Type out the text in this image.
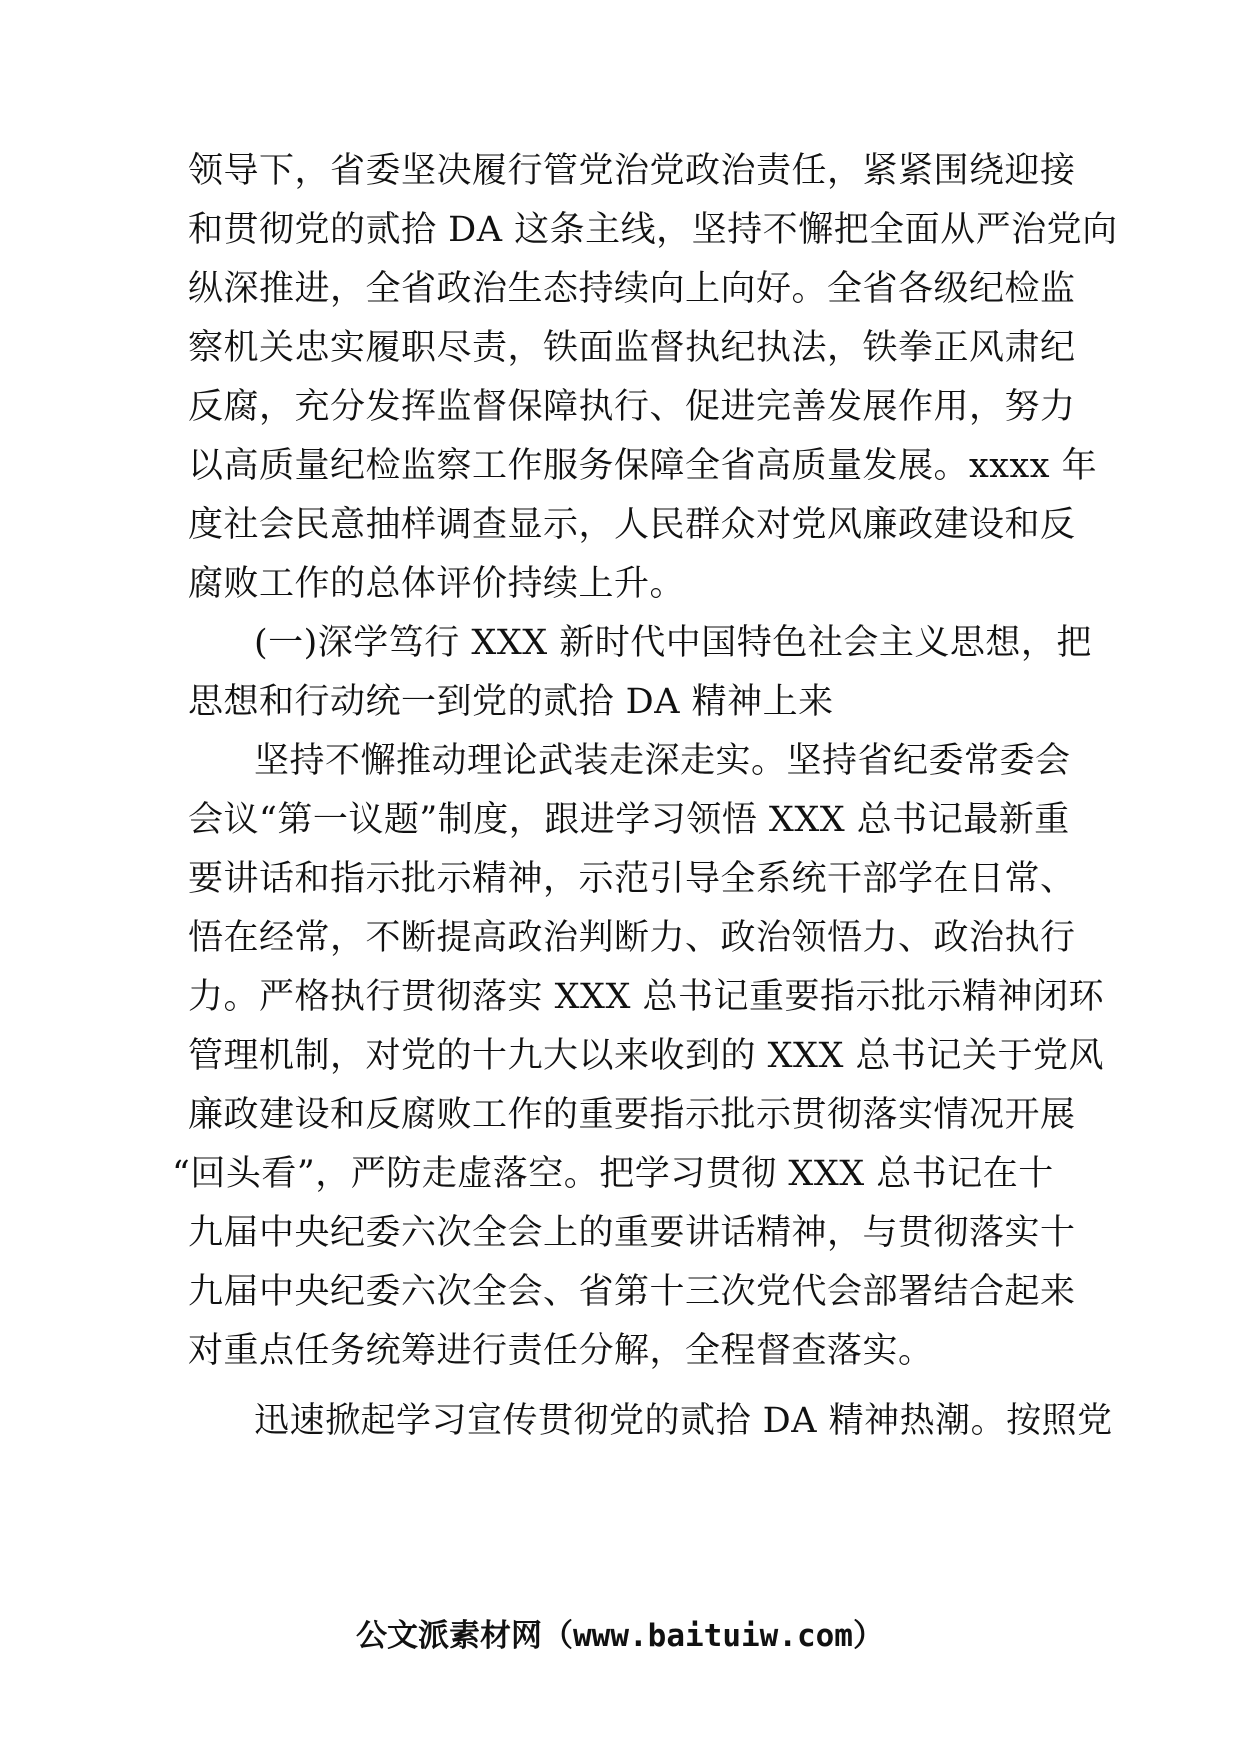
领导下，省委坚决履行管党治党政治责任，紧紧围绕迎接
和贯彻党的贰拾 DA 这条主线，坚持不懈把全面从严治党向
纵深推进，全省政治生态持续向上向好。全省各级纪检监
察机关忠实履职尽责，铁面监督执纪执法，铁拳正风肃纪
反腐，充分发挥监督保障执行、促进完善发展作用，努力
以高质量纪检监察工作服务保障全省高质量发展。xxxx 年
度社会民意抽样调查显示，人民群众对党风廉政建设和反
腐败工作的总体评价持续上升。
(一)深学笃行 XXX 新时代中国特色社会主义思想，把
思想和行动统一到党的贰拾 DA 精神上来
坚持不懈推动理论武装走深走实。坚持省纪委常委会
会议“第一议题”制度，跟进学习领悟 XXX 总书记最新重
要讲话和指示批示精神，示范引导全系统干部学在日常、
悟在经常，不断提高政治判断力、政治领悟力、政治执行
力。严格执行贯彻落实 XXX 总书记重要指示批示精神闭环
管理机制，对党的十九大以来收到的 XXX 总书记关于党风
廉政建设和反腐败工作的重要指示批示贯彻落实情况开展
“回头看”，严防走虚落空。把学习贯彻 XXX 总书记在十
九届中央纪委六次全会上的重要讲话精神，与贯彻落实十
九届中央纪委六次全会、省第十三次党代会部署结合起来
对重点任务统筹进行责任分解，全程督查落实。
迅速掀起学习宣传贯彻党的贰拾 DA 精神热潮。按照党
公文派素材网（www.baituiw.com）
